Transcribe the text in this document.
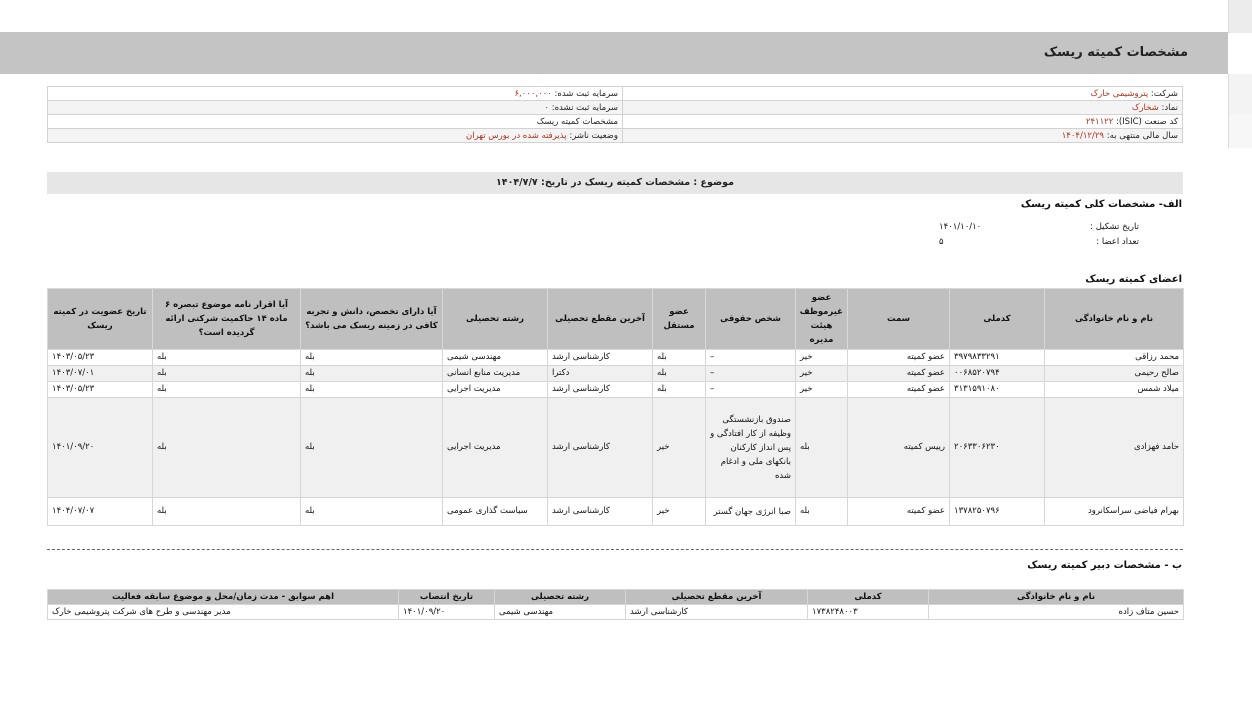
مشخصات کمیته ریسک
شرکت: پتروشیمی خارک	سرمایه ثبت شده: ۶,۰۰۰,۰۰۰
نماد: شخارک	سرمایه ثبت نشده: ۰
کد صنعت (ISIC): ۲۴۱۱۲۲	مشخصات کمیته ریسک
سال مالی منتهی به: ۱۴۰۴/۱۲/۲۹	وضعیت ناشر: پذیرفته شده در بورس تهران
موضوع : مشخصات کمیته ریسک در تاریخ: ۱۴۰۴/۷/۷
الف- مشخصات کلی کمیته ریسک
تاریخ تشکیل :
۱۴۰۱/۱۰/۱۰
تعداد اعضا :
۵
اعضای کمیته ریسک
نام و نام خانوادگی	کدملی	سمت	عضو غیرموظف هیئت مدیره	شخص حقوقی	عضو مستقل	آخرین مقطع تحصیلی	رشته تحصیلی	آیا دارای تخصص، دانش و تجربه کافی در زمینه ریسک می باشد؟	آیا اقرار نامه موضوع تبصره ۶ ماده ۱۴ حاکمیت شرکتی ارائه گردیده است؟	تاریخ عضویت در کمیته ریسک
محمد رزاقی	۳۹۷۹۸۳۳۲۹۱	عضو کمیته	خیر	–	بله	کارشناسی ارشد	مهندسی شیمی	بله	بله	۱۴۰۳/۰۵/۲۳
صالح رحیمی	۰۰۶۸۵۲۰۷۹۴	عضو کمیته	خیر	–	بله	دکترا	مدیریت منابع انسانی	بله	بله	۱۴۰۳/۰۷/۰۱
میلاد شمس	۳۱۳۱۵۹۱۰۸۰	عضو کمیته	خیر	–	بله	کارشناسی ارشد	مدیریت اجرایی	بله	بله	۱۴۰۳/۰۵/۲۳
حامد فهزادی	۲۰۶۳۳۰۶۲۳۰	رییس کمیته	بله	صندوق بازنشستگی وظیفه از کار افتادگی و پس انداز کارکنان بانکهای ملی و ادغام شده	خیر	کارشناسی ارشد	مدیریت اجرایی	بله	بله	۱۴۰۱/۰۹/۲۰
بهرام فیاضی سراسکانرود	۱۳۷۸۲۵۰۷۹۶	عضو کمیته	بله	صبا انرژی جهان گستر	خیر	کارشناسی ارشد	سیاست گذاری عمومی	بله	بله	۱۴۰۴/۰۷/۰۷
ب - مشخصات دبیر کمیته ریسک
نام و نام خانوادگی	کدملی	آخرین مقطع تحصیلی	رشته تحصیلی	تاریخ انتصاب	اهم سوابق - مدت زمان/محل و موضوع سابقه فعالیت
حسین متاف زاده	۱۷۳۸۲۴۸۰۰۳	کارشناسی ارشد	مهندسی شیمی	۱۴۰۱/۰۹/۲۰	مدیر مهندسی و طرح های شرکت پتروشیمی خارک
